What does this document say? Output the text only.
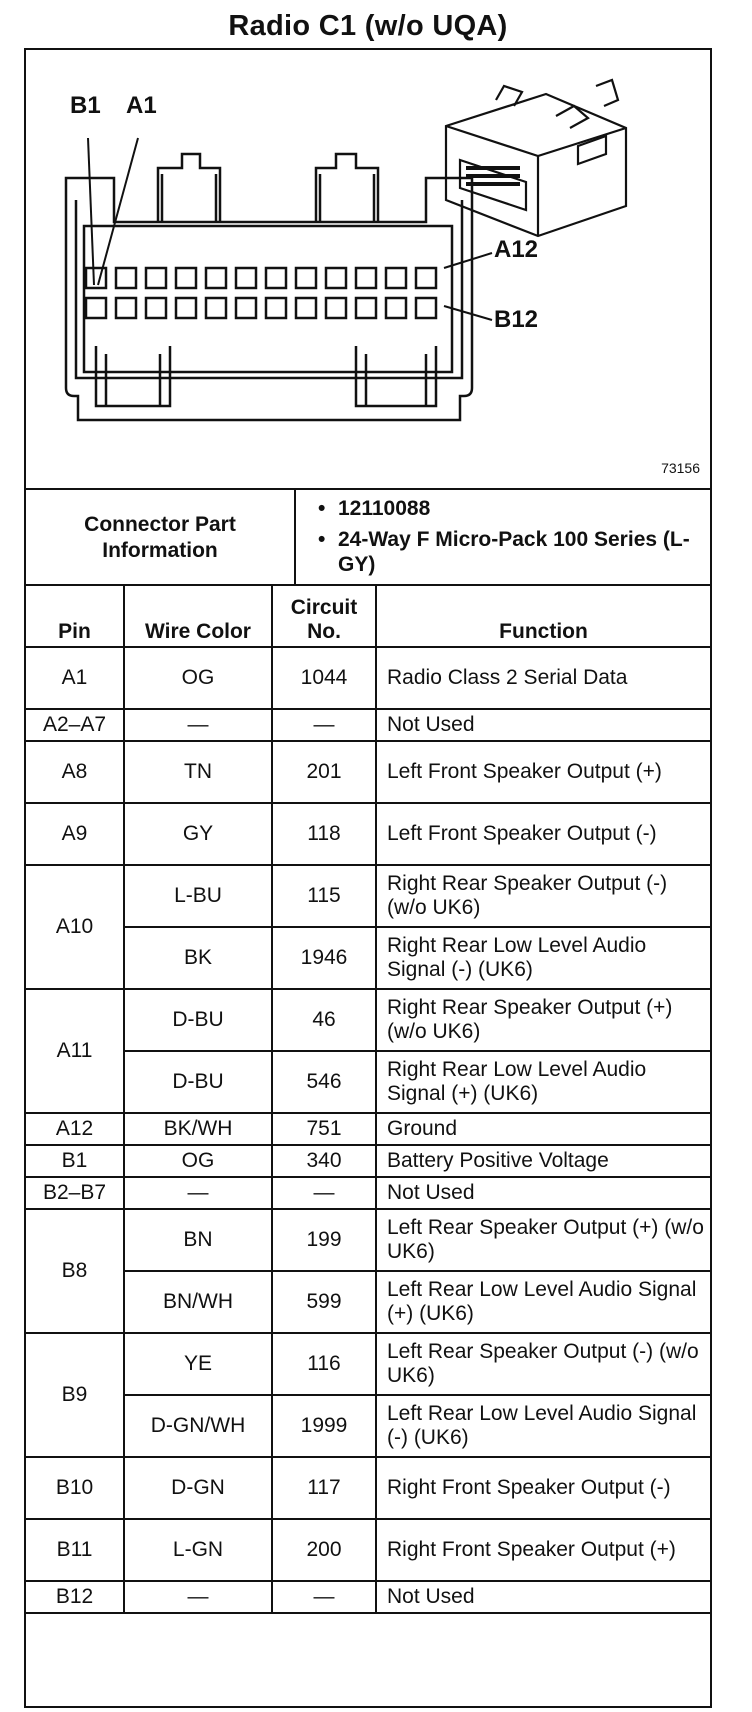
Radio C1 (w/o UQA)
B1 A1
A12
B12
73156
Connector Part Information
• 12110088
• 24-Way F Micro-Pack 100 Series (L-GY)
Pin	Wire Color	Circuit No.	Function
A1	OG	1044	Radio Class 2 Serial Data
A2–A7	—	—	Not Used
A8	TN	201	Left Front Speaker Output (+)
A9	GY	118	Left Front Speaker Output (-)
A10	L-BU	115	Right Rear Speaker Output (-) (w/o UK6)
	BK	1946	Right Rear Low Level Audio Signal (-) (UK6)
A11	D-BU	46	Right Rear Speaker Output (+) (w/o UK6)
	D-BU	546	Right Rear Low Level Audio Signal (+) (UK6)
A12	BK/WH	751	Ground
B1	OG	340	Battery Positive Voltage
B2–B7	—	—	Not Used
B8	BN	199	Left Rear Speaker Output (+) (w/o UK6)
	BN/WH	599	Left Rear Low Level Audio Signal (+) (UK6)
B9	YE	116	Left Rear Speaker Output (-) (w/o UK6)
	D-GN/WH	1999	Left Rear Low Level Audio Signal (-) (UK6)
B10	D-GN	117	Right Front Speaker Output (-)
B11	L-GN	200	Right Front Speaker Output (+)
B12	—	—	Not Used
